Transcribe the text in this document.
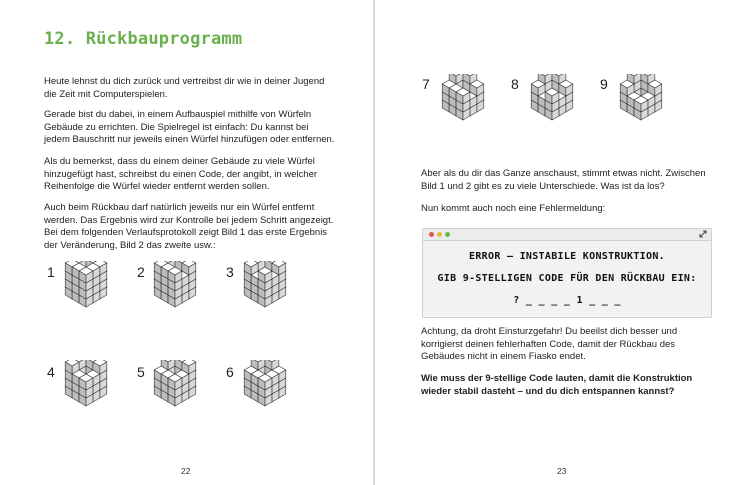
12. Rückbauprogramm
Heute lehnst du dich zurück und vertreibst dir wie in deiner Jugend die Zeit mit Computerspielen.
Gerade bist du dabei, in einem Aufbauspiel mithilfe von Würfeln Gebäude zu errichten. Die Spielregel ist einfach: Du kannst bei jedem Bauschritt nur jeweils einen Würfel hinzufügen oder entfernen.
Als du bemerkst, dass du einem deiner Gebäude zu viele Würfel hinzugefügt hast, schreibst du einen Code, der angibt, in welcher Reihenfolge die Würfel wieder entfernt werden sollen.
Auch beim Rückbau darf natürlich jeweils nur ein Würfel entfernt werden. Das Ergebnis wird zur Kontrolle bei jedem Schritt angezeigt. Bei dem folgenden Verlaufsprotokoll zeigt Bild 1 das erste Ergebnis der Veränderung, Bild 2 das zweite usw.:
1	2	3
4	5	6
22
7	8	9
Aber als du dir das Ganze anschaust, stimmt etwas nicht. Zwischen Bild 1 und 2 gibt es zu viele Unterschiede. Was ist da los?
Nun kommt auch noch eine Fehlermeldung:
ERROR – INSTABILE KONSTRUKTION.
GIB 9-STELLIGEN CODE FÜR DEN RÜCKBAU EIN:
? _ _ _ _ 1 _ _ _
Achtung, da droht Einsturzgefahr! Du beeilst dich besser und korrigierst deinen fehlerhaften Code, damit der Rückbau des Gebäudes nicht in einem Fiasko endet.
Wie muss der 9-stellige Code lauten, damit die Konstruktion wieder stabil dasteht – und du dich entspannen kannst?
23
